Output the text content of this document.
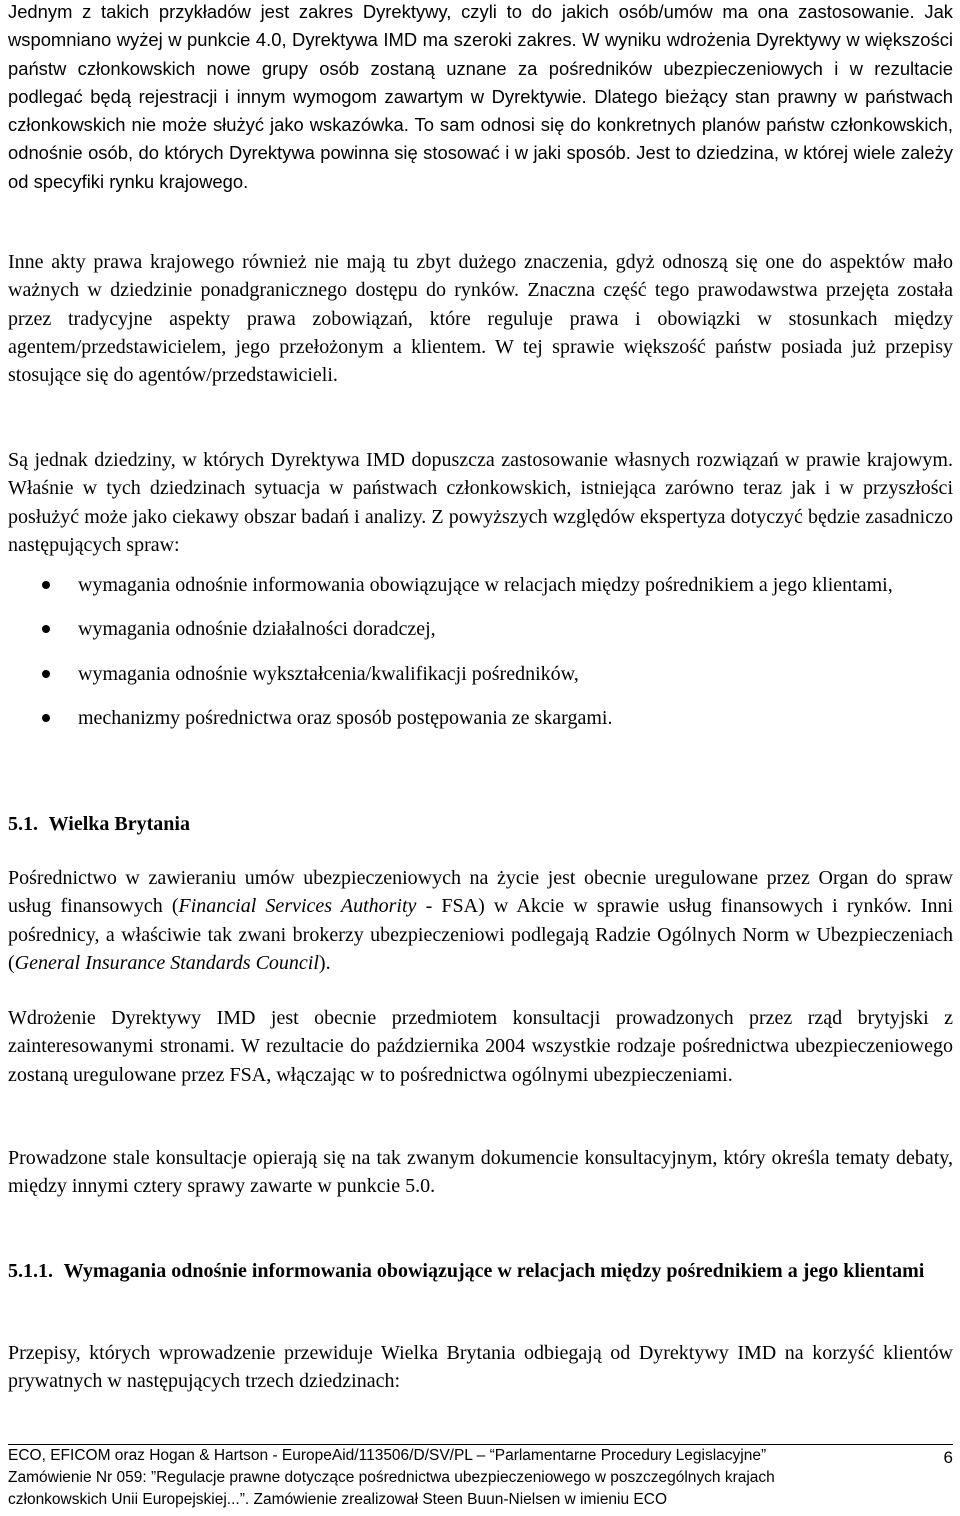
Jednym z takich przykładów jest zakres Dyrektywy, czyli to do jakich osób/umów ma ona zastosowanie. Jak wspomniano wyżej w punkcie 4.0, Dyrektywa IMD ma szeroki zakres. W wyniku wdrożenia Dyrektywy w większości państw członkowskich nowe grupy osób zostaną uznane za pośredników ubezpieczeniowych i w rezultacie podlegać będą rejestracji i innym wymogom zawartym w Dyrektywie. Dlatego bieżący stan prawny w państwach członkowskich nie może służyć jako wskazówka. To sam odnosi się do konkretnych planów państw członkowskich, odnośnie osób, do których Dyrektywa powinna się stosować i w jaki sposób. Jest to dziedzina, w której wiele zależy od specyfiki rynku krajowego.

Inne akty prawa krajowego również nie mają tu zbyt dużego znaczenia, gdyż odnoszą się one do aspektów mało ważnych w dziedzinie ponadgranicznego dostępu do rynków. Znaczna część tego prawodawstwa przejęta została przez tradycyjne aspekty prawa zobowiązań, które reguluje prawa i obowiązki w stosunkach między agentem/przedstawicielem, jego przełożonym a klientem. W tej sprawie większość państw posiada już przepisy stosujące się do agentów/przedstawicieli.

Są jednak dziedziny, w których Dyrektywa IMD dopuszcza zastosowanie własnych rozwiązań w prawie krajowym. Właśnie w tych dziedzinach sytuacja w państwach członkowskich, istniejąca zarówno teraz jak i w przyszłości posłużyć może jako ciekawy obszar badań i analizy. Z powyższych względów ekspertyza dotyczyć będzie zasadniczo następujących spraw:

wymagania odnośnie informowania obowiązujące w relacjach między pośrednikiem a jego klientami,
wymagania odnośnie działalności doradczej,
wymagania odnośnie wykształcenia/kwalifikacji pośredników,
mechanizmy pośrednictwa oraz sposób postępowania ze skargami.
5.1. Wielka Brytania

Pośrednictwo w zawieraniu umów ubezpieczeniowych na życie jest obecnie uregulowane przez Organ do spraw usług finansowych (Financial Services Authority - FSA) w Akcie w sprawie usług finansowych i rynków. Inni pośrednicy, a właściwie tak zwani brokerzy ubezpieczeniowi podlegają Radzie Ogólnych Norm w Ubezpieczeniach (General Insurance Standards Council).

Wdrożenie Dyrektywy IMD jest obecnie przedmiotem konsultacji prowadzonych przez rząd brytyjski z zainteresowanymi stronami. W rezultacie do października 2004 wszystkie rodzaje pośrednictwa ubezpieczeniowego zostaną uregulowane przez FSA, włączając w to pośrednictwa ogólnymi ubezpieczeniami.

Prowadzone stale konsultacje opierają się na tak zwanym dokumencie konsultacyjnym, który określa tematy debaty, między innymi cztery sprawy zawarte w punkcie 5.0.

5.1.1. Wymagania odnośnie informowania obowiązujące w relacjach między pośrednikiem a jego klientami

Przepisy, których wprowadzenie przewiduje Wielka Brytania odbiegają od Dyrektywy IMD na korzyść klientów prywatnych w następujących trzech dziedzinach:

ECO, EFICOM oraz Hogan & Hartson - EuropeAid/113506/D/SV/PL – “Parlamentarne Procedury Legislacyjne”
Zamówienie Nr 059: ”Regulacje prawne dotyczące pośrednictwa ubezpieczeniowego w poszczególnych krajach
członkowskich Unii Europejskiej...”. Zamówienie zrealizował Steen Buun-Nielsen w imieniu ECO
6
